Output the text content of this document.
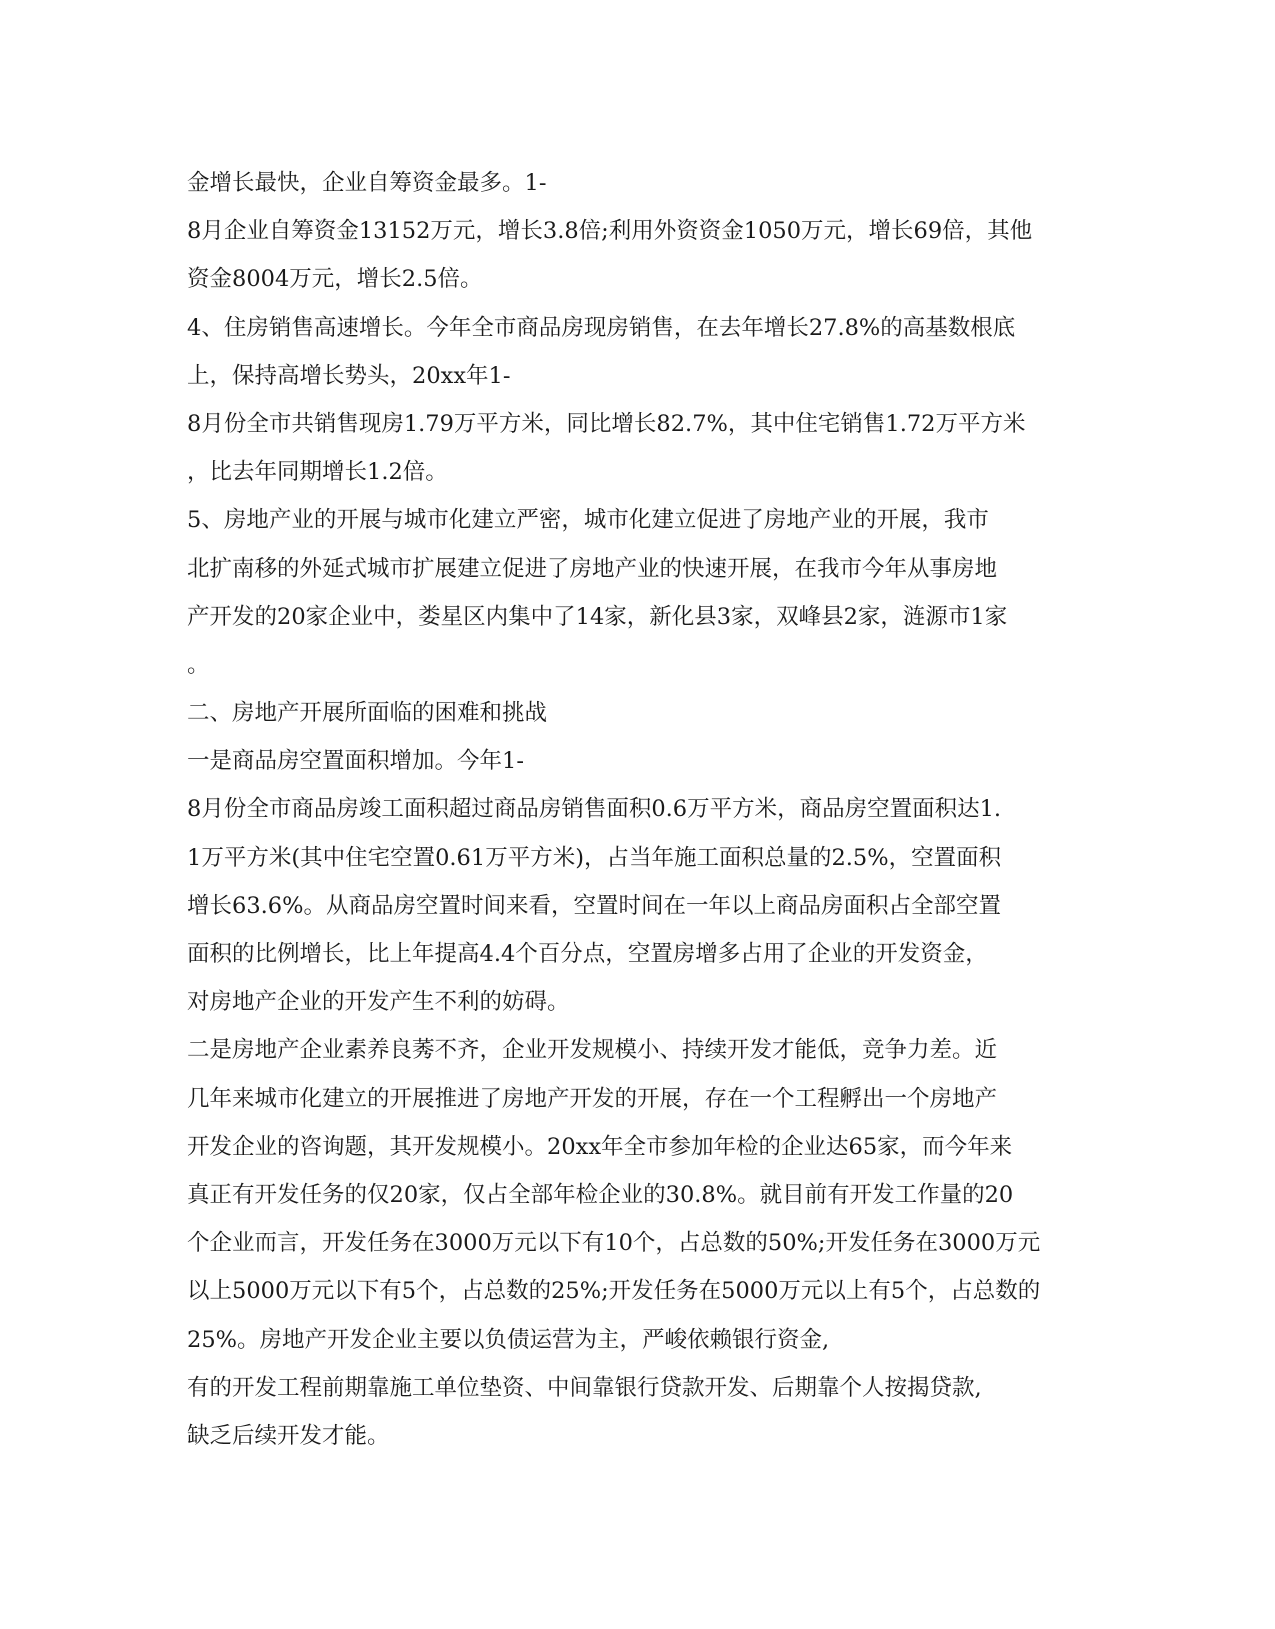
金增长最快，企业自筹资金最多。1-
8月企业自筹资金13152万元，增长3.8倍;利用外资资金1050万元，增长69倍，其他
资金8004万元，增长2.5倍。
4、住房销售高速增长。今年全市商品房现房销售，在去年增长27.8%的高基数根底
上，保持高增长势头，20xx年1-
8月份全市共销售现房1.79万平方米，同比增长82.7%，其中住宅销售1.72万平方米
，比去年同期增长1.2倍。
5、房地产业的开展与城市化建立严密，城市化建立促进了房地产业的开展，我市
北扩南移的外延式城市扩展建立促进了房地产业的快速开展，在我市今年从事房地
产开发的20家企业中，娄星区内集中了14家，新化县3家，双峰县2家，涟源市1家
。
二、房地产开展所面临的困难和挑战
一是商品房空置面积增加。今年1-
8月份全市商品房竣工面积超过商品房销售面积0.6万平方米，商品房空置面积达1.
1万平方米(其中住宅空置0.61万平方米)，占当年施工面积总量的2.5%，空置面积
增长63.6%。从商品房空置时间来看，空置时间在一年以上商品房面积占全部空置
面积的比例增长，比上年提高4.4个百分点，空置房增多占用了企业的开发资金，
对房地产企业的开发产生不利的妨碍。
二是房地产企业素养良莠不齐，企业开发规模小、持续开发才能低，竞争力差。近
几年来城市化建立的开展推进了房地产开发的开展，存在一个工程孵出一个房地产
开发企业的咨询题，其开发规模小。20xx年全市参加年检的企业达65家，而今年来
真正有开发任务的仅20家，仅占全部年检企业的30.8%。就目前有开发工作量的20
个企业而言，开发任务在3000万元以下有10个，占总数的50%;开发任务在3000万元
以上5000万元以下有5个，占总数的25%;开发任务在5000万元以上有5个，占总数的
25%。房地产开发企业主要以负债运营为主，严峻依赖银行资金,
有的开发工程前期靠施工单位垫资、中间靠银行贷款开发、后期靠个人按揭贷款,
缺乏后续开发才能。
